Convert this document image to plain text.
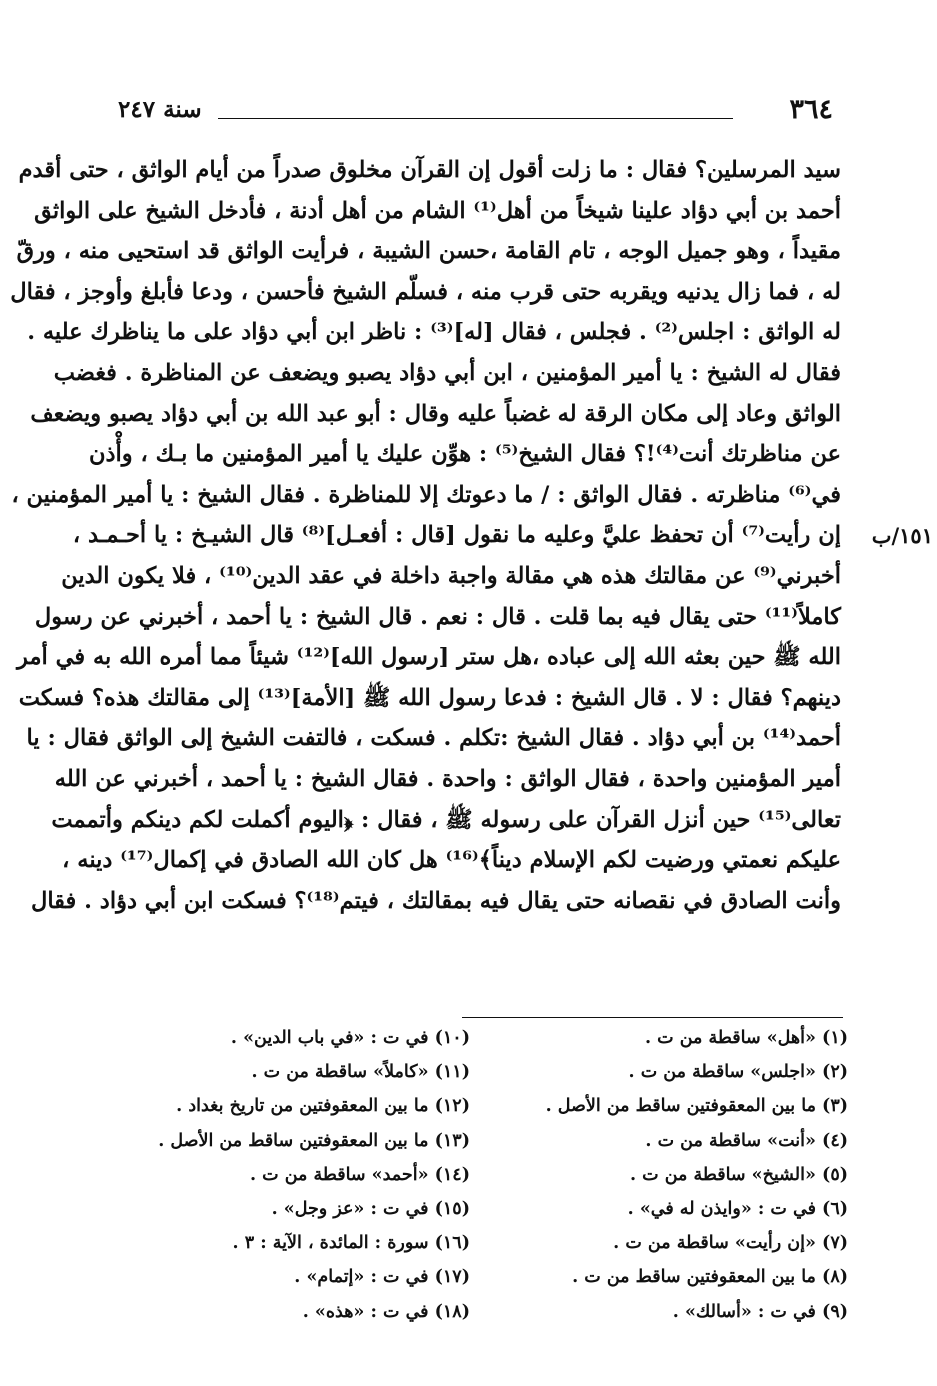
٣٦٤
سنة ٢٤٧
سيد المرسلين؟ فقال : ما زلت أقول إن القرآن مخلوق صدراً من أيام الواثق ، حتى أقدم
أحمد بن أبي دؤاد علينا شيخاً من أهل⁽¹⁾ الشام من أهل أدنة ، فأدخل الشيخ على الواثق
مقيداً ، وهو جميل الوجه ، تام القامة ،حسن الشيبة ، فرأيت الواثق قد استحيى منه ، ورقّ
له ، فما زال يدنيه ويقربه حتى قرب منه ، فسلّم الشيخ فأحسن ، ودعا فأبلغ وأوجز ، فقال
له الواثق : اجلس⁽²⁾ . فجلس ، فقال [له]⁽³⁾ : ناظر ابن أبي دؤاد على ما يناظرك عليه .
فقال له الشيخ : يا أمير المؤمنين ، ابن أبي دؤاد يصبو ويضعف عن المناظرة . فغضب
الواثق وعاد إلى مكان الرقة له غضباً عليه وقال : أبو عبد الله بن أبي دؤاد يصبو ويضعف
عن مناظرتك أنت⁽⁴⁾!؟ فقال الشيخ⁽⁵⁾ : هوِّن عليك يا أمير المؤمنين ما بـك ، وأْذن
في⁽⁶⁾ مناظرته . فقال الواثق : / ما دعوتك إلا للمناظرة . فقال الشيخ : يا أمير المؤمنين ،
إن رأيت⁽⁷⁾ أن تحفظ عليَّ وعليه ما نقول [قال : أفعـل]⁽⁸⁾ قال الشيـخ : يا أحـمـد ،
أخبرني⁽⁹⁾ عن مقالتك هذه هي مقالة واجبة داخلة في عقد الدين⁽¹⁰⁾ ، فلا يكون الدين
كاملاً⁽¹¹⁾ حتى يقال فيه بما قلت . قال : نعم . قال الشيخ : يا أحمد ، أخبرني عن رسول
الله ﷺ حين بعثه الله إلى عباده ،هل ستر [رسول الله]⁽¹²⁾ شيئاً مما أمره الله به في أمر
دينهم؟ فقال : لا . قال الشيخ : فدعا رسول الله ﷺ [الأمة]⁽¹³⁾ إلى مقالتك هذه؟ فسكت
أحمد⁽¹⁴⁾ بن أبي دؤاد . فقال الشيخ :تكلم . فسكت ، فالتفت الشيخ إلى الواثق فقال : يا
أمير المؤمنين واحدة ، فقال الواثق : واحدة . فقال الشيخ : يا أحمد ، أخبرني عن الله
تعالى⁽¹⁵⁾ حين أنزل القرآن على رسوله ﷺ ، فقال : ﴿اليوم أكملت لكم دينكم وأتممت
عليكم نعمتي ورضيت لكم الإسلام ديناً﴾⁽¹⁶⁾ هل كان الله الصادق في إكمال⁽¹⁷⁾ دينه ،
وأنت الصادق في نقصانه حتى يقال فيه بمقالتك ، فيتم⁽¹⁸⁾؟ فسكت ابن أبي دؤاد . فقال
١٥١/ب
(١) «أهل» ساقطة من ت .
(٢) «اجلس» ساقطة من ت .
(٣) ما بين المعقوفتين ساقط من الأصل .
(٤) «أنت» ساقطة من ت .
(٥) «الشيخ» ساقطة من ت .
(٦) في ت : «وايذن له في» .
(٧) «إن رأيت» ساقطة من ت .
(٨) ما بين المعقوفتين ساقط من ت .
(٩) في ت : «أسالك» .
(١٠) في ت : «في باب الدين» .
(١١) «كاملاً» ساقطة من ت .
(١٢) ما بين المعقوفتين من تاريخ بغداد .
(١٣) ما بين المعقوفتين ساقط من الأصل .
(١٤) «أحمد» ساقطة من ت .
(١٥) في ت : «عز وجل» .
(١٦) سورة : المائدة ، الآية : ٣ .
(١٧) في ت : «إتمام» .
(١٨) في ت : «هذه» .
